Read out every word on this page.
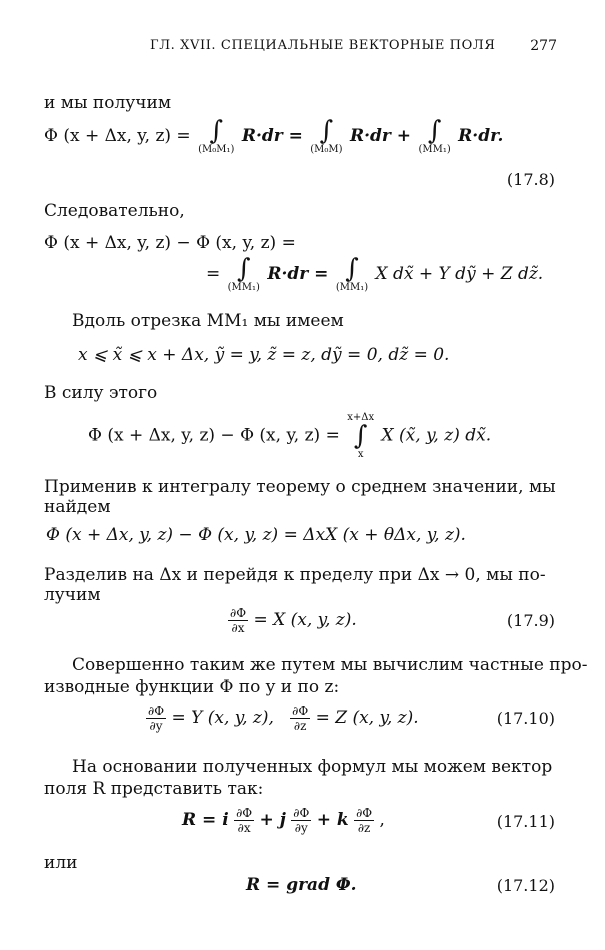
ГЛ. XVII. СПЕЦИАЛЬНЫЕ ВЕКТОРНЫЕ ПОЛЯ 277
и мы получим
Φ (x + Δx, y, z) = ∫
(M₀M₁)
R·dr = ∫
(M₀M)
R·dr + ∫
(MM₁)
R·dr.
(17.8)
Следовательно,
Φ (x + Δx, y, z) − Φ (x, y, z) =
= ∫
(MM₁)
R·dr = ∫
(MM₁)
X dx̃ + Y dỹ + Z dz̃.
Вдоль отрезка MM₁ мы имеем
x ⩽ x̃ ⩽ x + Δx, ỹ = y, z̃ = z, dỹ = 0, dz̃ = 0.
В силу этого
Φ (x + Δx, y, z) − Φ (x, y, z) =
x+Δx
∫
x
X (x̃, y, z) dx̃.
Применив к интегралу теорему о среднем значении, мы
найдем
Φ (x + Δx, y, z) − Φ (x, y, z) = ΔxX (x + θΔx, y, z).
Разделив на Δx и перейдя к пределу при Δx → 0, мы по-
лучим
$\frac{\partial\Phi}{\partial x} = X$ (x, y, z).	(17.9)
Совершенно таким же путем мы вычислим частные про-
изводные функции Φ по y и по z:
$\frac{\partial\Phi}{\partial y} = Y$ (x, y, z), $\frac{\partial\Phi}{\partial z} = Z$ (x, y, z).	(17.10)
На основании полученных формул мы можем вектор
поля R представить так:
R = i $\frac{\partial\Phi}{\partial x} + j \frac{\partial\Phi}{\partial y} + k \frac{\partial\Phi}{\partial z}$ ,	(17.11)
или
R = grad Φ.	(17.12)
